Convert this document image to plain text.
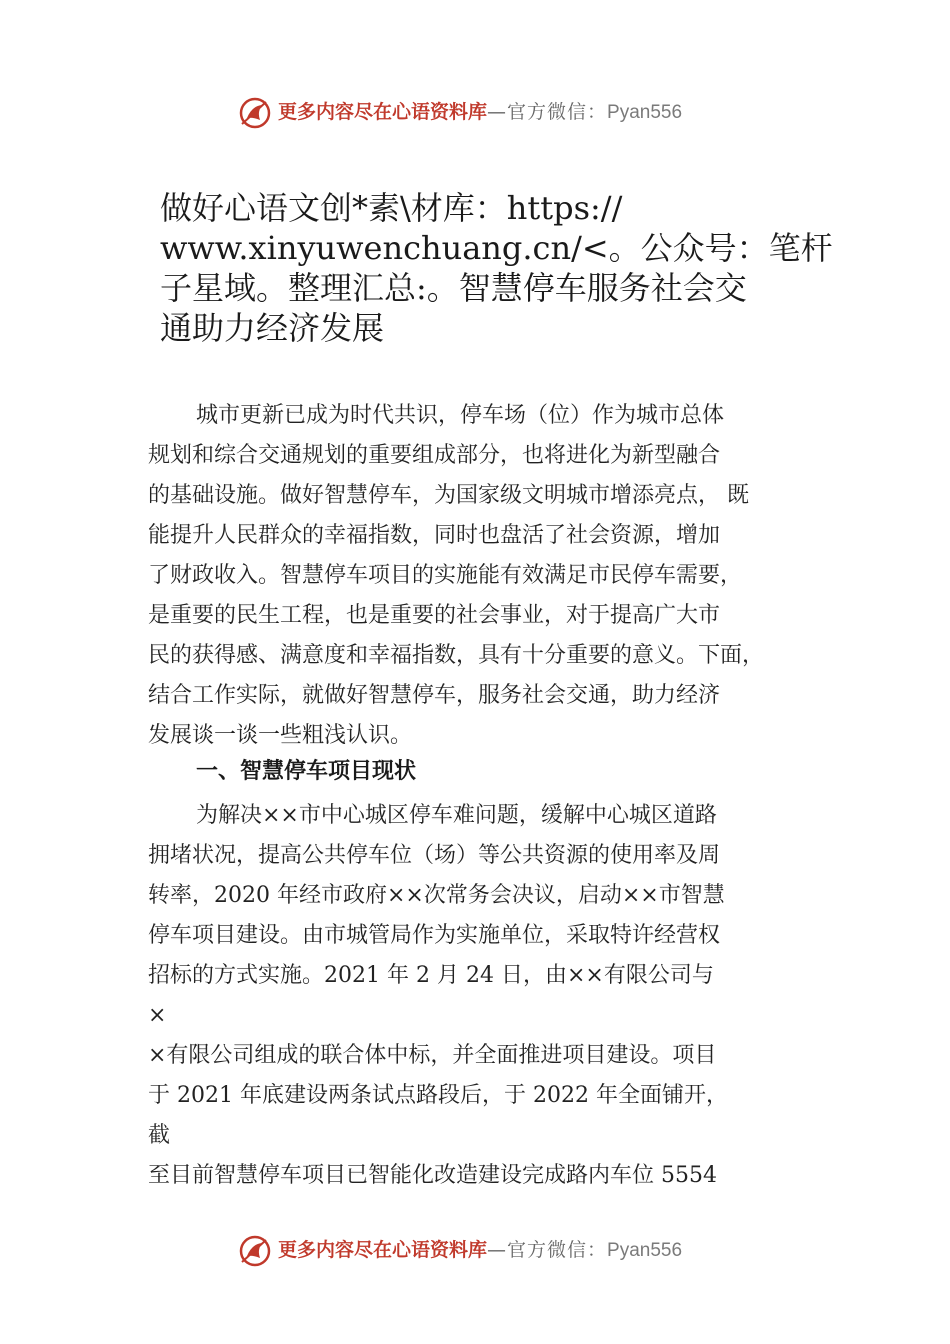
更多内容尽在心语资料库—官方微信：Pyan556
做好心语文创*素\材库：https://
www.xinyuwenchuang.cn/<。公众号：笔杆
子星域。整理汇总:。智慧停车服务社会交
通助力经济发展
城市更新已成为时代共识，停车场（位）作为城市总体
规划和综合交通规划的重要组成部分，也将进化为新型融合
的基础设施。做好智慧停车，为国家级文明城市增添亮点， 既
能提升人民群众的幸福指数，同时也盘活了社会资源，增加
了财政收入。智慧停车项目的实施能有效满足市民停车需要，
是重要的民生工程，也是重要的社会事业，对于提高广大市
民的获得感、满意度和幸福指数，具有十分重要的意义。下面，
结合工作实际，就做好智慧停车，服务社会交通，助力经济
发展谈一谈一些粗浅认识。
一、智慧停车项目现状
为解决××市中心城区停车难问题，缓解中心城区道路
拥堵状况，提高公共停车位（场）等公共资源的使用率及周
转率，2020 年经市政府××次常务会决议，启动××市智慧
停车项目建设。由市城管局作为实施单位，采取特许经营权
招标的方式实施。2021 年 2 月 24 日，由××有限公司与
×
×有限公司组成的联合体中标，并全面推进项目建设。项目
于 2021 年底建设两条试点路段后，于 2022 年全面铺开，
截
至目前智慧停车项目已智能化改造建设完成路内车位 5554
更多内容尽在心语资料库—官方微信：Pyan556
